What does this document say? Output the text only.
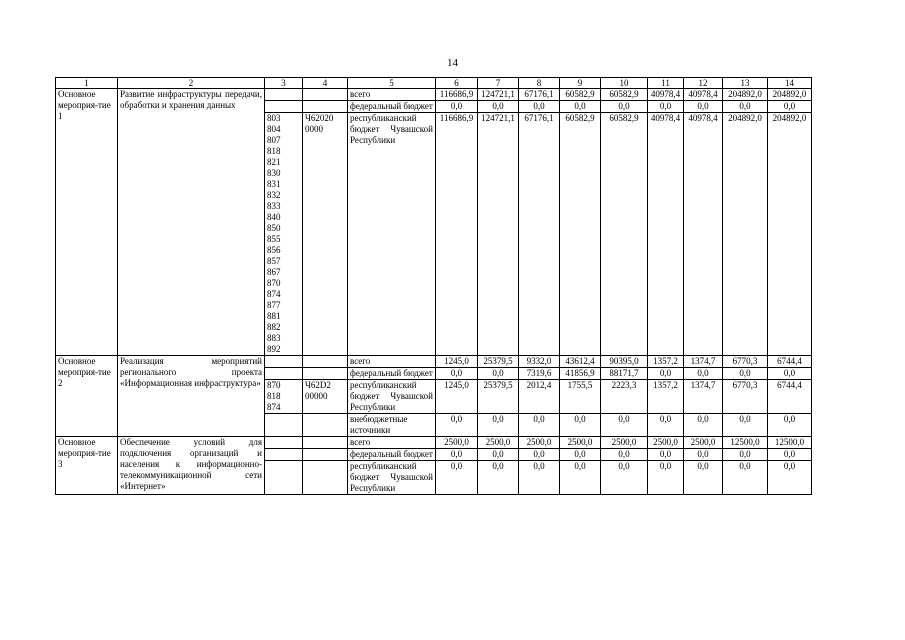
14
1	2	3	4	5	6	7	8	9	10	11	12	13	14
Основное мероприя-тие 1	Развитие инфраструктуры передачи, обработки и хранения данных			всего	116686,9	124721,1	67176,1	60582,9	60582,9	40978,4	40978,4	204892,0	204892,0
				федеральный бюджет	0,0	0,0	0,0	0,0	0,0	0,0	0,0	0,0	0,0

		803 804 807 818 821 830 831 832 833 840 850 855 856 857 867 870 874 877 881 882 883 892	Ч62020 0000	республиканский бюджет Чувашской Республики	116686,9	124721,1	67176,1	60582,9	60582,9	40978,4	40978,4	204892,0	204892,0
Основное мероприя-тие 2	Реализация мероприятий регионального проекта «Информационная инфраструктура»			всего	1245,0	25379,5	9332,0	43612,4	90395,0	1357,2	1374,7	6770,3	6744,4
				федеральный бюджет	0,0	0,0	7319,6	41856,9	88171,7	0,0	0,0	0,0	0,0

		870 818 874	Ч62D2 00000	республиканский бюджет Чувашской Республики	1245,0	25379,5	2012,4	1755,5	2223,3	1357,2	1374,7	6770,3	6744,4
				внебюджетные источники	0,0	0,0	0,0	0,0	0,0	0,0	0,0	0,0	0,0
Основное мероприя-тие 3	Обеспечение условий для подключения организаций и населения к информационно-телекоммуникационной сети «Интернет»			всего	2500,0	2500,0	2500,0	2500,0	2500,0	2500,0	2500,0	12500,0	12500,0
				федеральный бюджет	0,0	0,0	0,0	0,0	0,0	0,0	0,0	0,0	0,0
				республиканский бюджет Чувашской Республики	0,0	0,0	0,0	0,0	0,0	0,0	0,0	0,0	0,0
